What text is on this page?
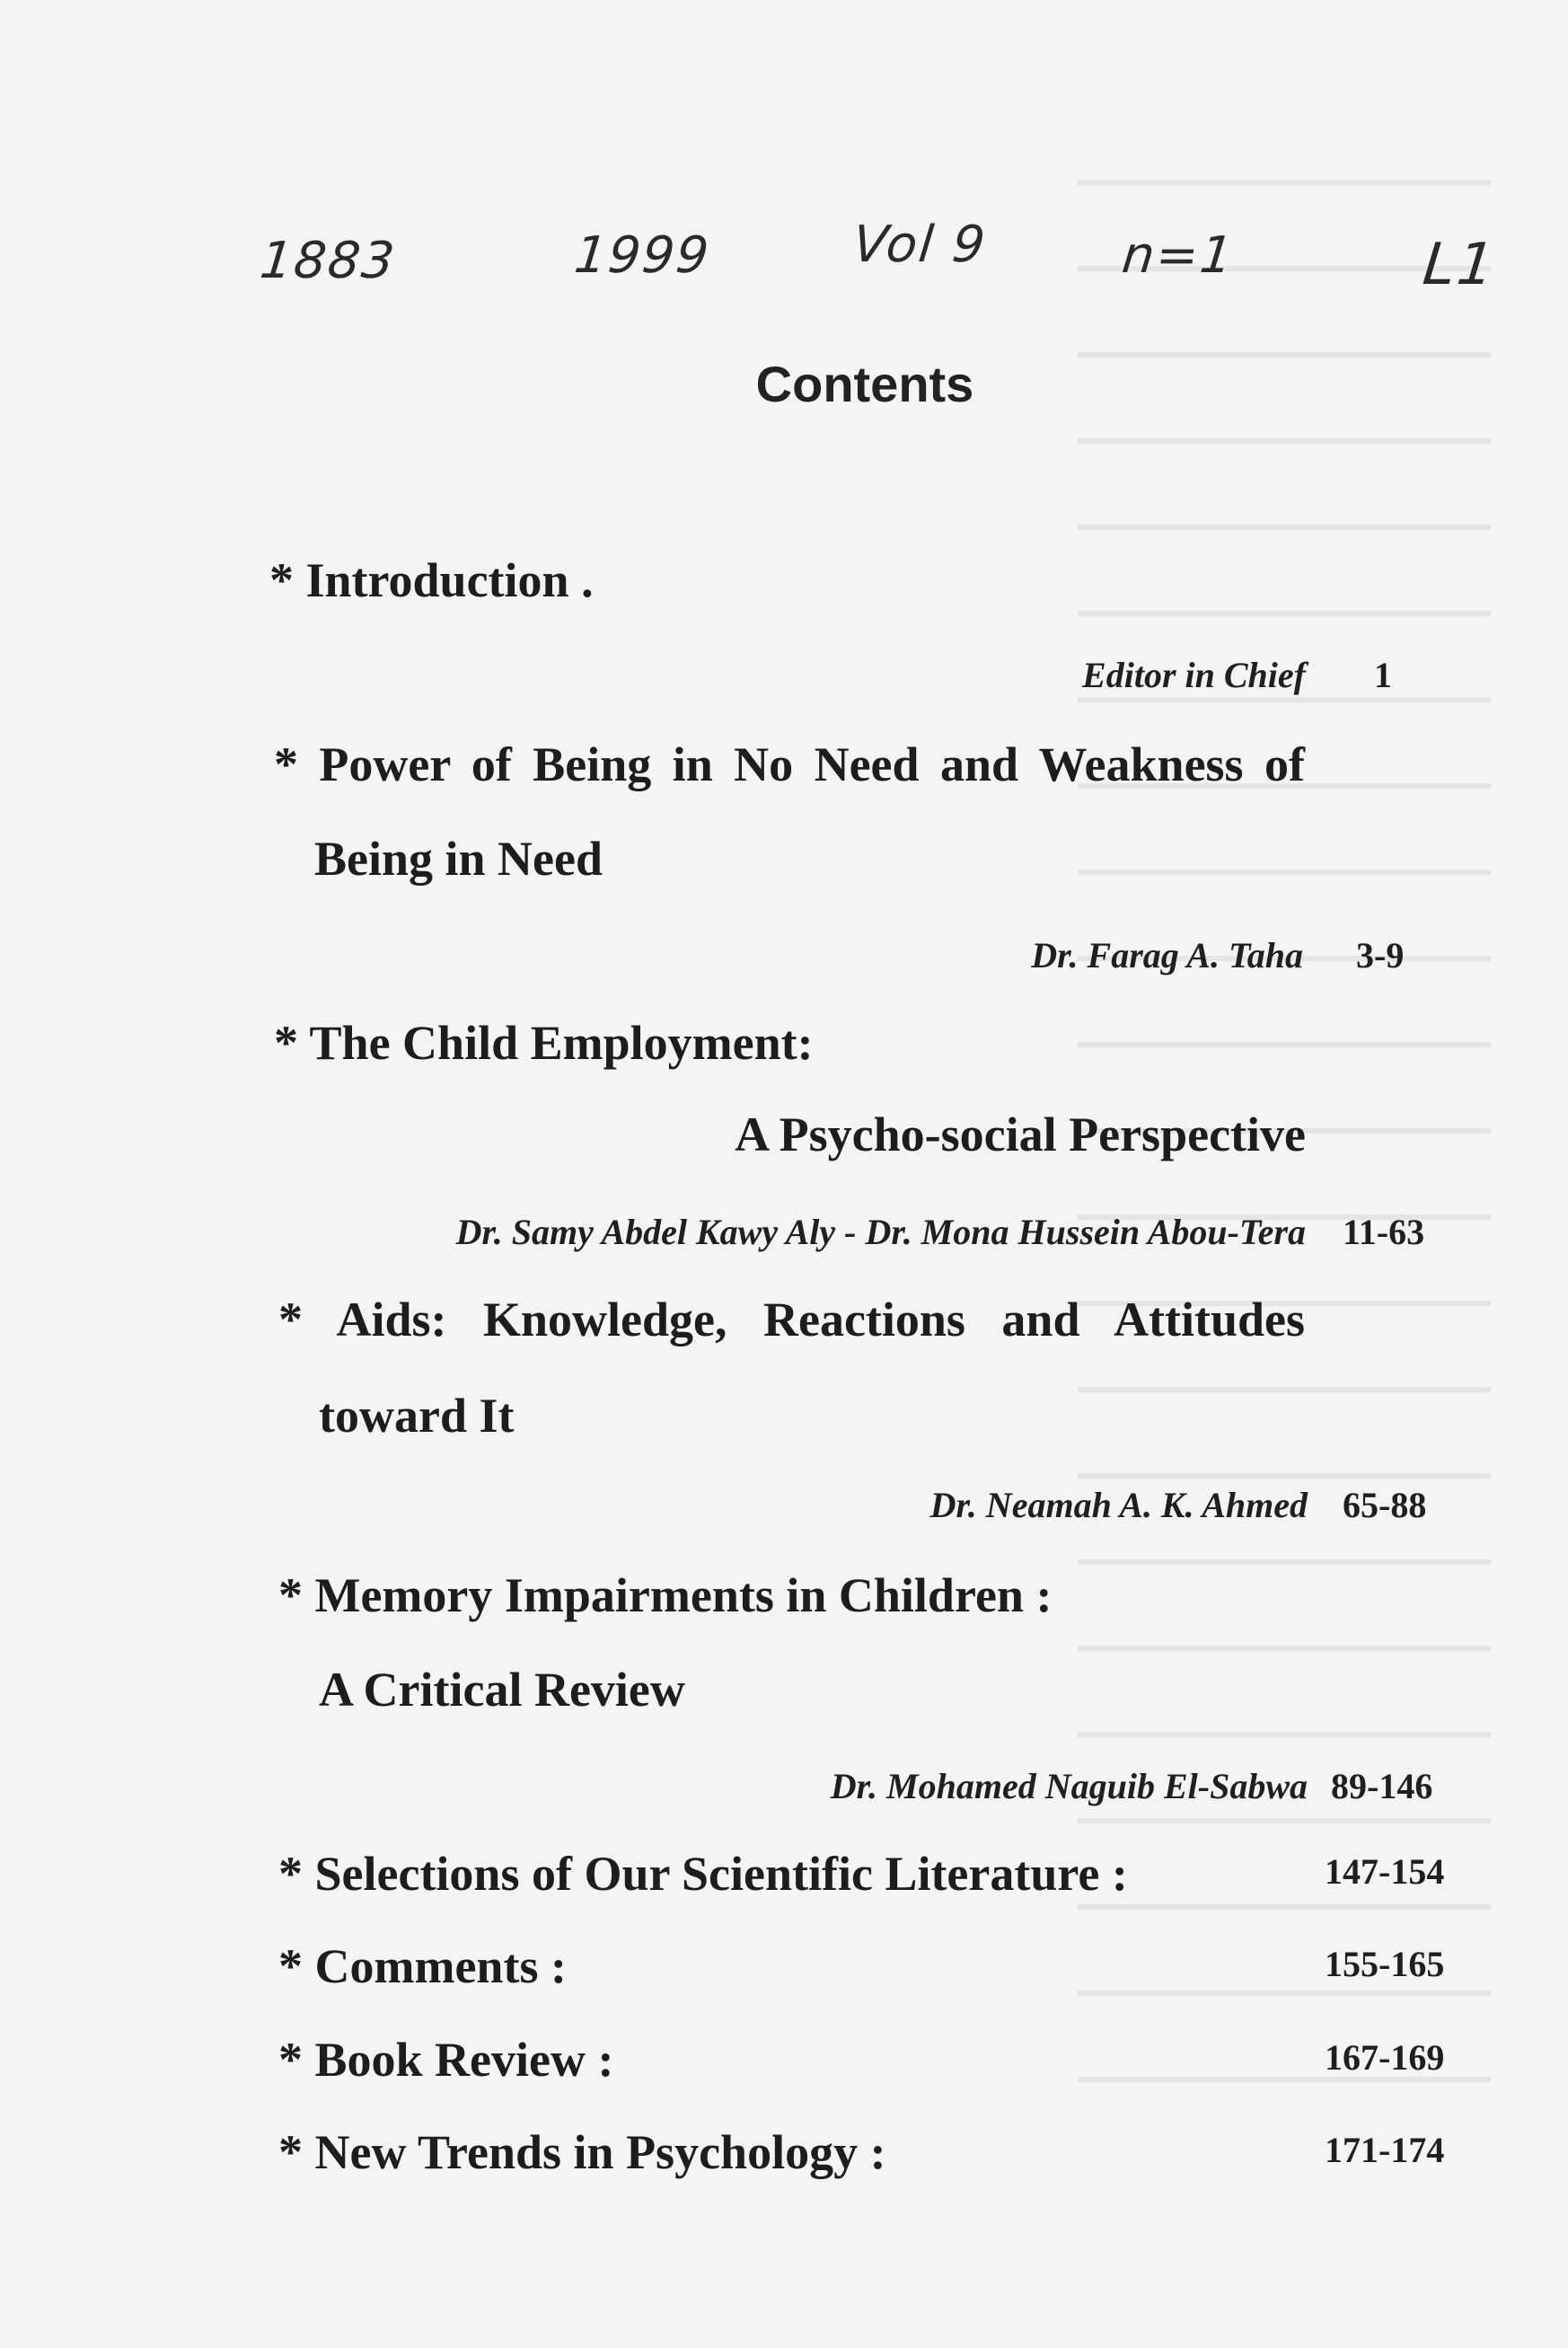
1883	1999	Vol 9	n=1	L1
Contents
* Introduction .
Editor in Chief 1
* Power of Being in No Need and Weakness of
Being in Need
Dr. Farag A. Taha 3-9
* The Child Employment:
A Psycho-social Perspective
Dr. Samy Abdel Kawy Aly - Dr. Mona Hussein Abou-Tera 11-63
* Aids: Knowledge, Reactions and Attitudes
toward It
Dr. Neamah A. K. Ahmed 65-88
* Memory Impairments in Children :
A Critical Review
Dr. Mohamed Naguib El-Sabwa 89-146
* Selections of Our Scientific Literature :	147-154
* Comments :	155-165
* Book Review :	167-169
* New Trends in Psychology :	171-174
